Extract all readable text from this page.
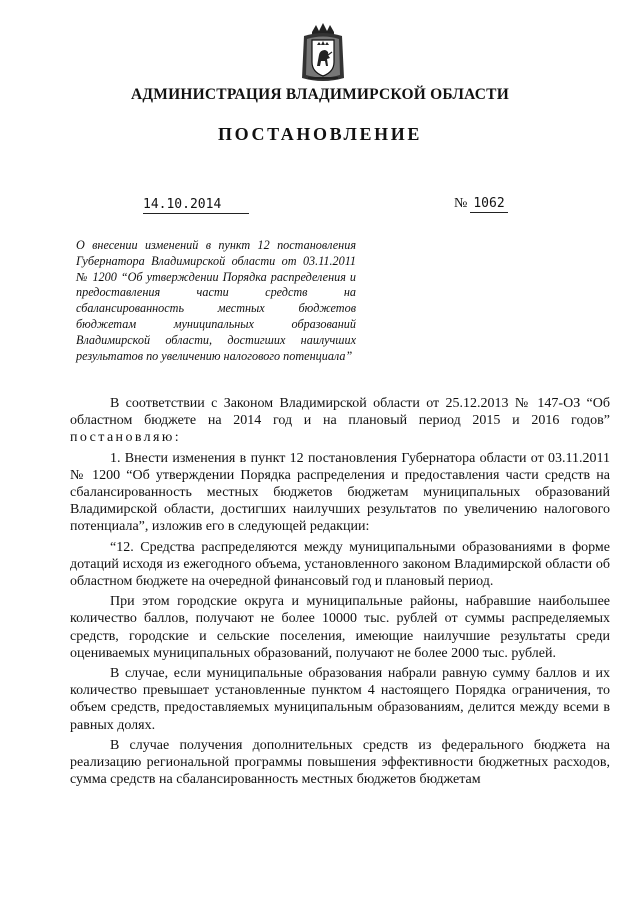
АДМИНИСТРАЦИЯ ВЛАДИМИРСКОЙ ОБЛАСТИ
ПОСТАНОВЛЕНИЕ
14.10.2014	№ 1062
О внесении изменений в пункт 12 постановления Губернатора Владимирской области от 03.11.2011 № 1200 “Об утверждении Порядка распределения и предоставления части средств на сбалансированность местных бюджетов бюджетам муниципальных образований Владимирской области, достигших наилучших результатов по увеличению налогового потенциала”

В соответствии с Законом Владимирской области от 25.12.2013 № 147-ОЗ “Об областном бюджете на 2014 год и на плановый период 2015 и 2016 годов” постановляю:

1. Внести изменения в пункт 12 постановления Губернатора области от 03.11.2011 № 1200 “Об утверждении Порядка распределения и предоставления части средств на сбалансированность местных бюджетов бюджетам муниципальных образований Владимирской области, достигших наилучших результатов по увеличению налогового потенциала”, изложив его в следующей редакции:

“12. Средства распределяются между муниципальными образованиями в форме дотаций исходя из ежегодного объема, установленного законом Владимирской области об областном бюджете на очередной финансовый год и плановый период.

При этом городские округа и муниципальные районы, набравшие наибольшее количество баллов, получают не более 10000 тыс. рублей от суммы распределяемых средств, городские и сельские поселения, имеющие наилучшие результаты среди оцениваемых муниципальных образований, получают не более 2000 тыс. рублей.

В случае, если муниципальные образования набрали равную сумму баллов и их количество превышает установленные пунктом 4 настоящего Порядка ограничения, то объем средств, предоставляемых муниципальным образованиям, делится между всеми в равных долях.

В случае получения дополнительных средств из федерального бюджета на реализацию региональной программы повышения эффективности бюджетных расходов, сумма средств на сбалансированность местных бюджетов бюджетам
